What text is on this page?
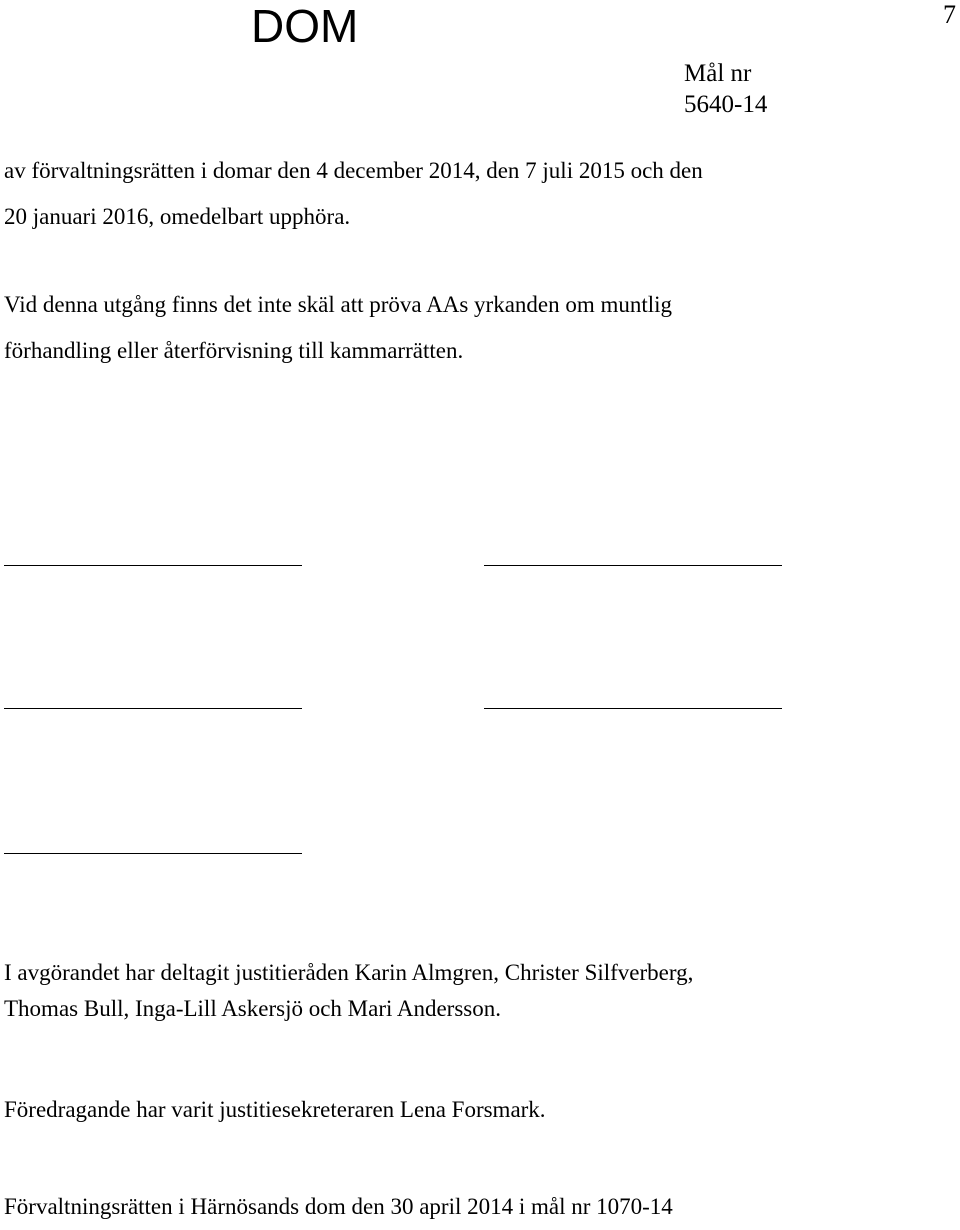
DOM	7
Mål nr
5640-14

av förvaltningsrätten i domar den 4 december 2014, den 7 juli 2015 och den
20 januari 2016, omedelbart upphöra.

Vid denna utgång finns det inte skäl att pröva AAs yrkanden om muntlig
förhandling eller återförvisning till kammarrätten.

I avgörandet har deltagit justitieråden Karin Almgren, Christer Silfverberg,
Thomas Bull, Inga-Lill Askersjö och Mari Andersson.

Föredragande har varit justitiesekreteraren Lena Forsmark.

Förvaltningsrätten i Härnösands dom den 30 april 2014 i mål nr 1070-14
